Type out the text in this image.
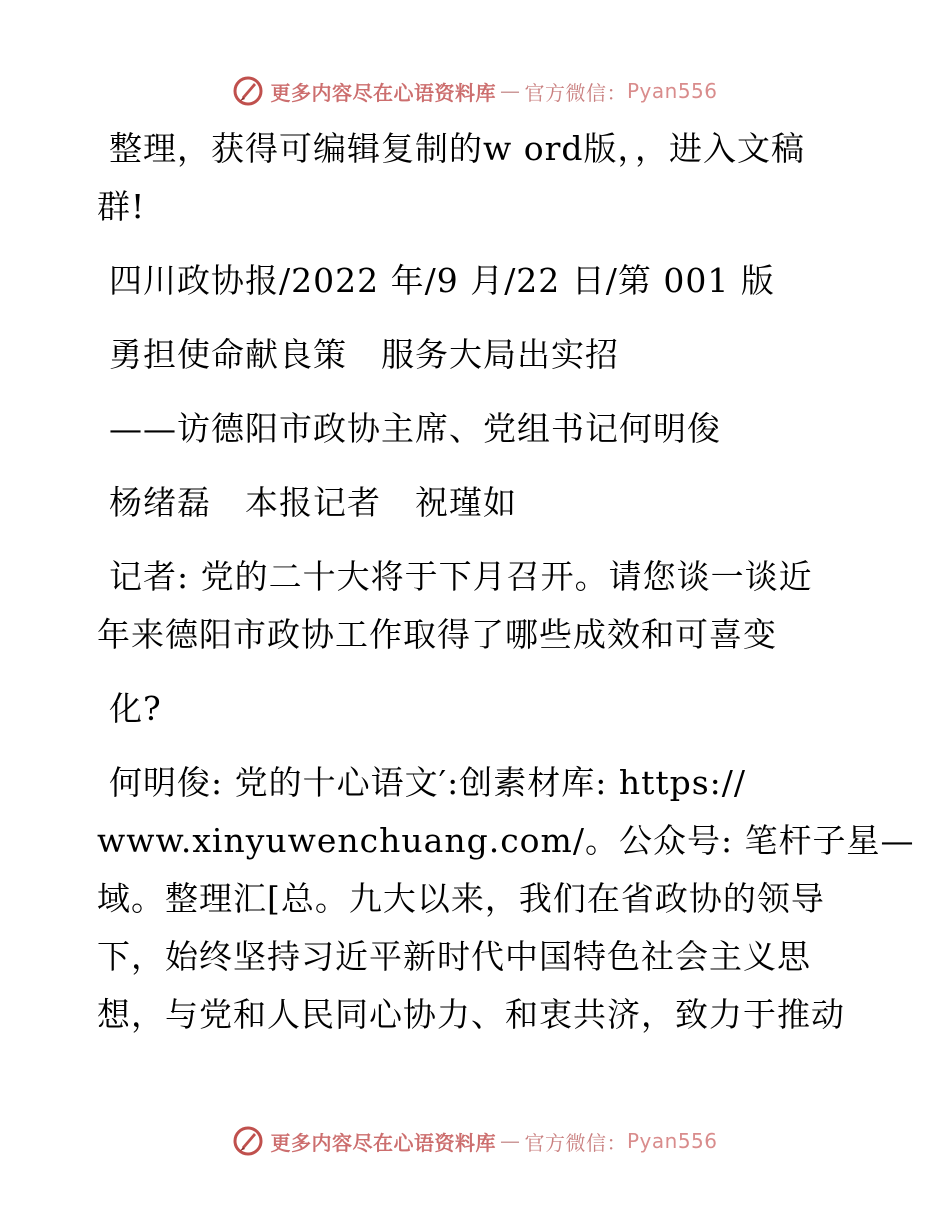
更多内容尽在心语资料库 — 官方微信： Pyan556
整理，获得可编辑复制的w ord版，，进入文稿
群!
四川政协报/2022 年/9 月/22 日/第 001 版
勇担使命献良策　服务大局出实招
——访德阳市政协主席、党组书记何明俊
杨绪磊　本报记者　祝瑾如
记者: 党的二十大将于下月召开。请您谈一谈近
年来德阳市政协工作取得了哪些成效和可喜变
化?
何明俊: 党的十心语文′:创素材库: https://
www.xinyuwenchuang.com/。公众号: 笔杆子星—
域。整理汇[总。九大以来，我们在省政协的领导
下，始终坚持习近平新时代中国特色社会主义思
想，与党和人民同心协力、和衷共济，致力于推动
更多内容尽在心语资料库 — 官方微信： Pyan556
